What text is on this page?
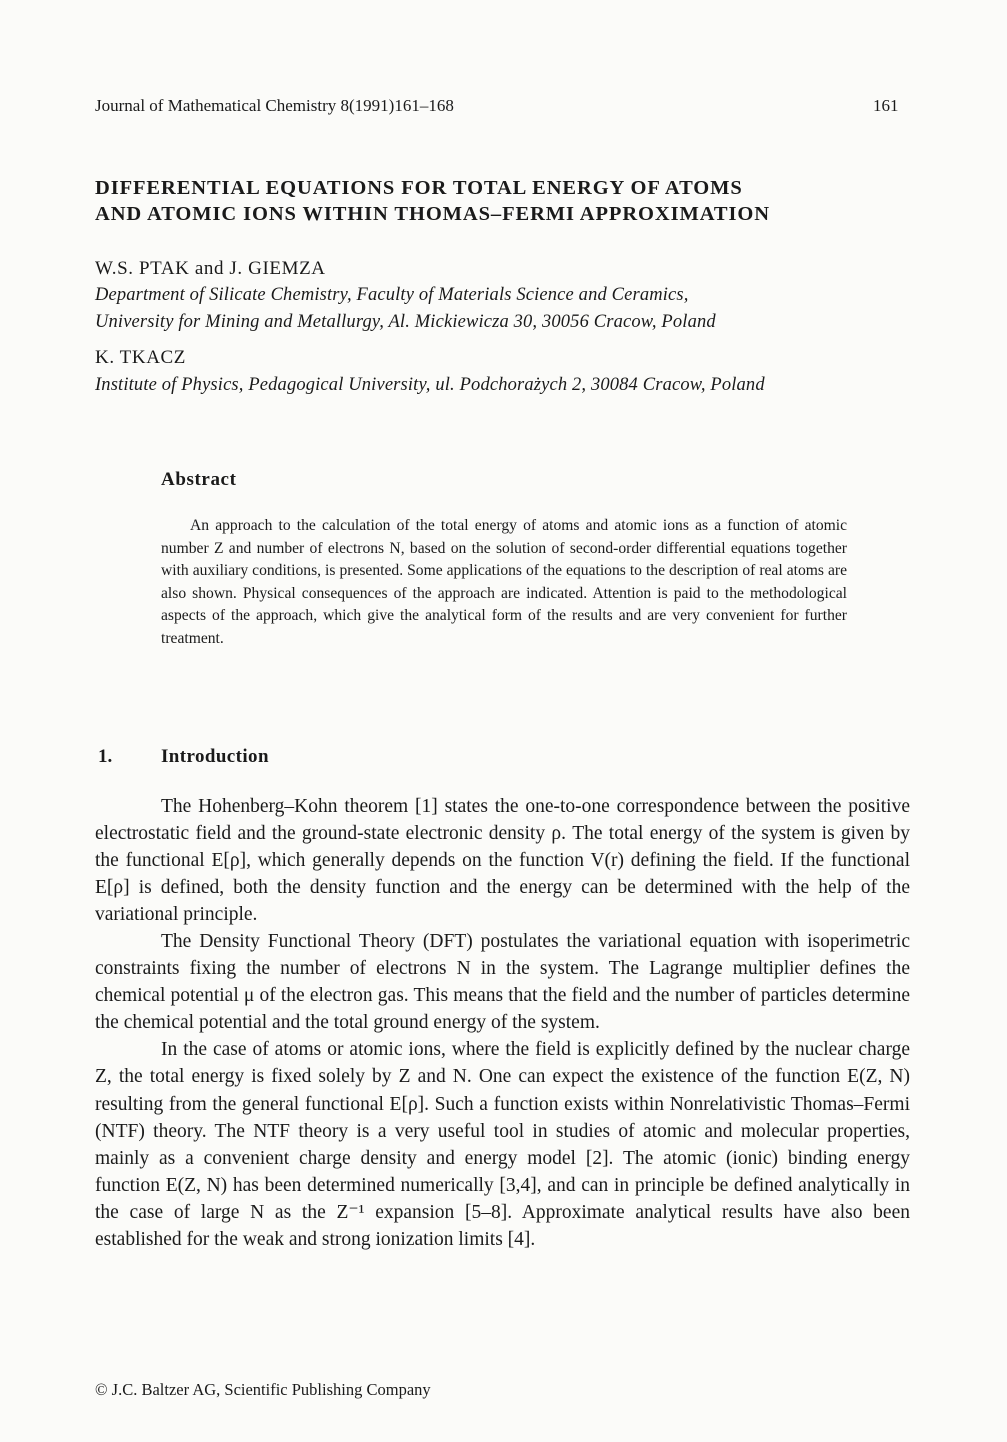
Journal of Mathematical Chemistry 8(1991)161–168	161
DIFFERENTIAL EQUATIONS FOR TOTAL ENERGY OF ATOMS
AND ATOMIC IONS WITHIN THOMAS–FERMI APPROXIMATION
W.S. PTAK and J. GIEMZA
Department of Silicate Chemistry, Faculty of Materials Science and Ceramics,
University for Mining and Metallurgy, Al. Mickiewicza 30, 30056 Cracow, Poland
K. TKACZ
Institute of Physics, Pedagogical University, ul. Podchorażych 2, 30084 Cracow, Poland
Abstract
An approach to the calculation of the total energy of atoms and atomic ions as a function of atomic number Z and number of electrons N, based on the solution of second-order differential equations together with auxiliary conditions, is presented. Some applications of the equations to the description of real atoms are also shown. Physical consequences of the approach are indicated. Attention is paid to the methodological aspects of the approach, which give the analytical form of the results and are very convenient for further treatment.
1.	Introduction

The Hohenberg–Kohn theorem [1] states the one-to-one correspondence between the positive electrostatic field and the ground-state electronic density ρ. The total energy of the system is given by the functional E[ρ], which generally depends on the function V(r) defining the field. If the functional E[ρ] is defined, both the density function and the energy can be determined with the help of the variational principle.

The Density Functional Theory (DFT) postulates the variational equation with isoperimetric constraints fixing the number of electrons N in the system. The Lagrange multiplier defines the chemical potential μ of the electron gas. This means that the field and the number of particles determine the chemical potential and the total ground energy of the system.

In the case of atoms or atomic ions, where the field is explicitly defined by the nuclear charge Z, the total energy is fixed solely by Z and N. One can expect the existence of the function E(Z, N) resulting from the general functional E[ρ]. Such a function exists within Nonrelativistic Thomas–Fermi (NTF) theory. The NTF theory is a very useful tool in studies of atomic and molecular properties, mainly as a convenient charge density and energy model [2]. The atomic (ionic) binding energy function E(Z, N) has been determined numerically [3,4], and can in principle be defined analytically in the case of large N as the Z⁻¹ expansion [5–8]. Approximate analytical results have also been established for the weak and strong ionization limits [4].

© J.C. Baltzer AG, Scientific Publishing Company
